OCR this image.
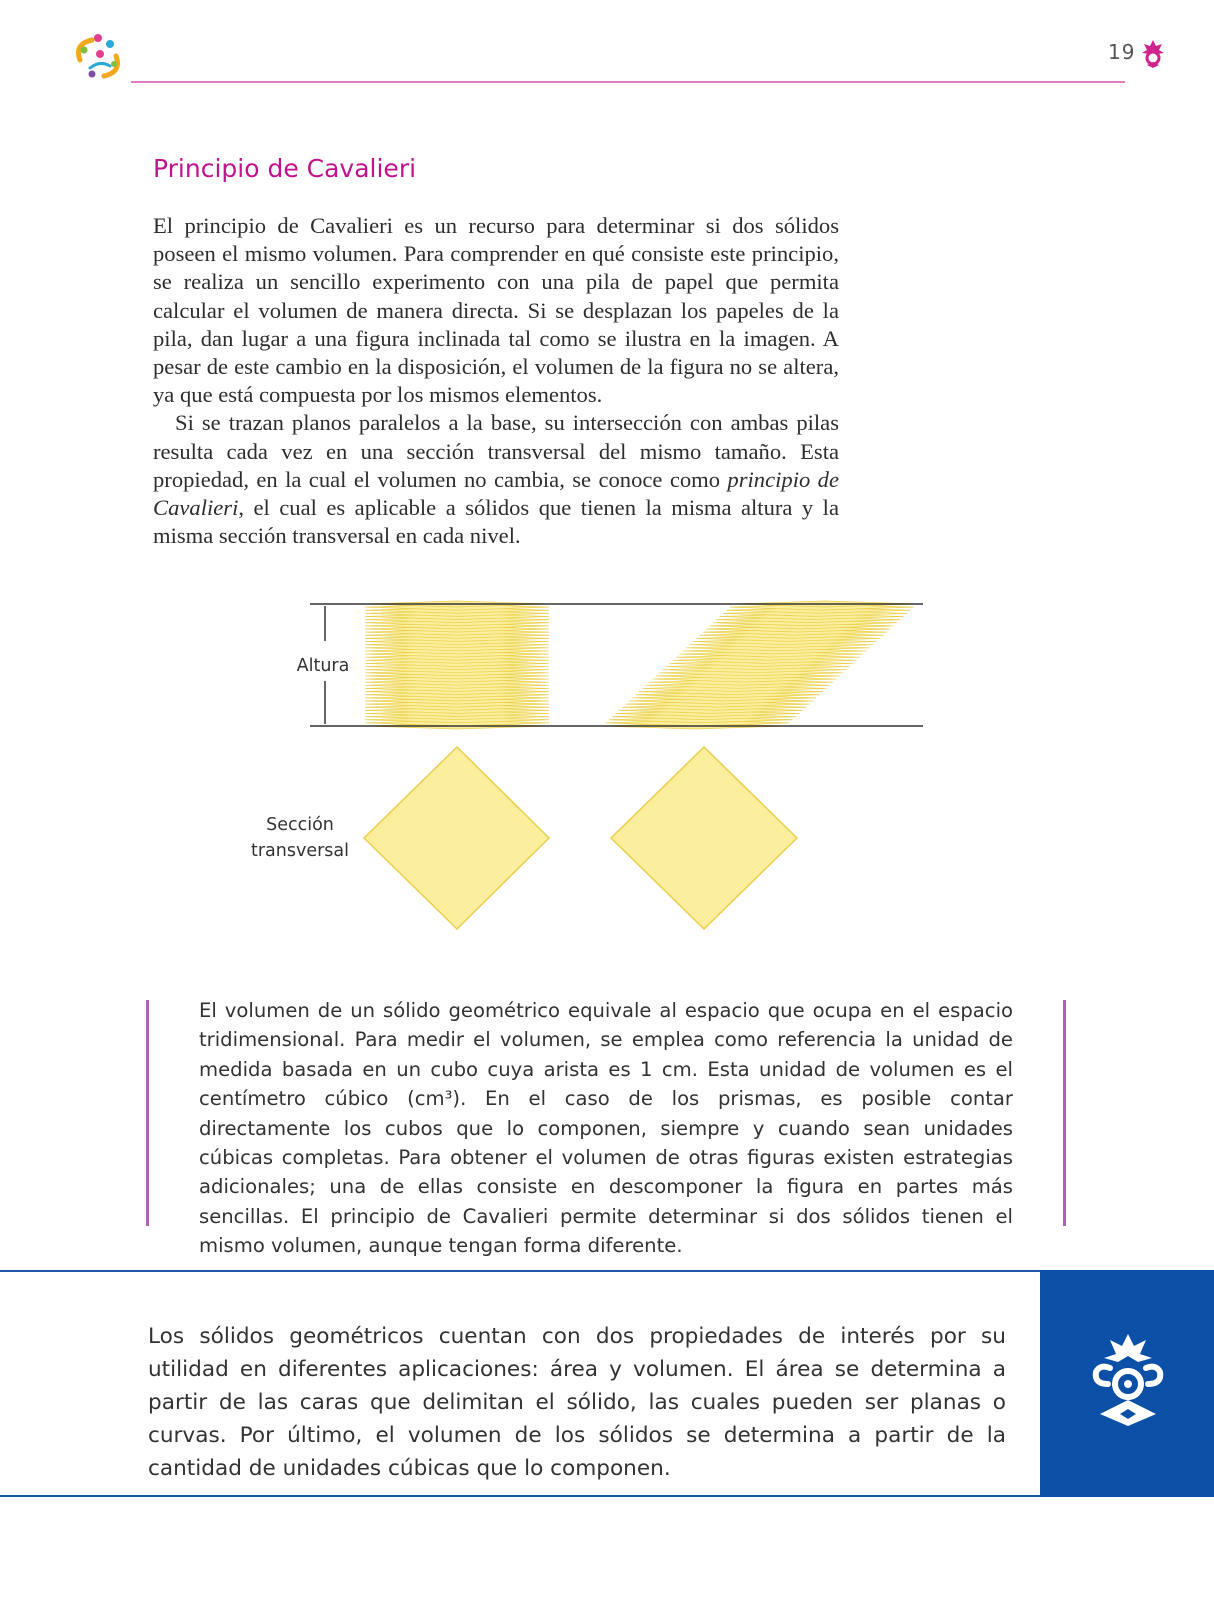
19
Principio de Cavalieri

El principio de Cavalieri es un recurso para determinar si dos sólidos poseen el mismo volumen. Para comprender en qué consiste este principio, se realiza un sencillo experimento con una pila de papel que permita calcular el volumen de manera directa. Si se desplazan los papeles de la pila, dan lugar a una figura inclinada tal como se ilustra en la imagen. A pesar de este cambio en la disposición, el volumen de la figura no se altera, ya que está compuesta por los mismos elementos.

Si se trazan planos paralelos a la base, su intersección con ambas pilas resulta cada vez en una sección transversal del mismo tamaño. Esta propiedad, en la cual el volumen no cambia, se conoce como principio de Cavalieri, el cual es aplicable a sólidos que tienen la misma altura y la misma sección transversal en cada nivel.

Altura
Sección
transversal

El volumen de un sólido geométrico equivale al espacio que ocupa en el espacio tridimensional. Para medir el volumen, se emplea como referencia la unidad de medida basada en un cubo cuya arista es 1 cm. Esta unidad de volumen es el centímetro cúbico (cm³). En el caso de los prismas, es posible contar directamente los cubos que lo componen, siempre y cuando sean unidades cúbicas completas. Para obtener el volumen de otras figuras existen estrategias adicionales; una de ellas consiste en descomponer la figura en partes más sencillas. El principio de Cavalieri permite determinar si dos sólidos tienen el mismo volumen, aunque tengan forma diferente.

Los sólidos geométricos cuentan con dos propiedades de interés por su utilidad en diferentes aplicaciones: área y volumen. El área se determina a partir de las caras que delimitan el sólido, las cuales pueden ser planas o curvas. Por último, el volumen de los sólidos se determina a partir de la cantidad de unidades cúbicas que lo componen.
